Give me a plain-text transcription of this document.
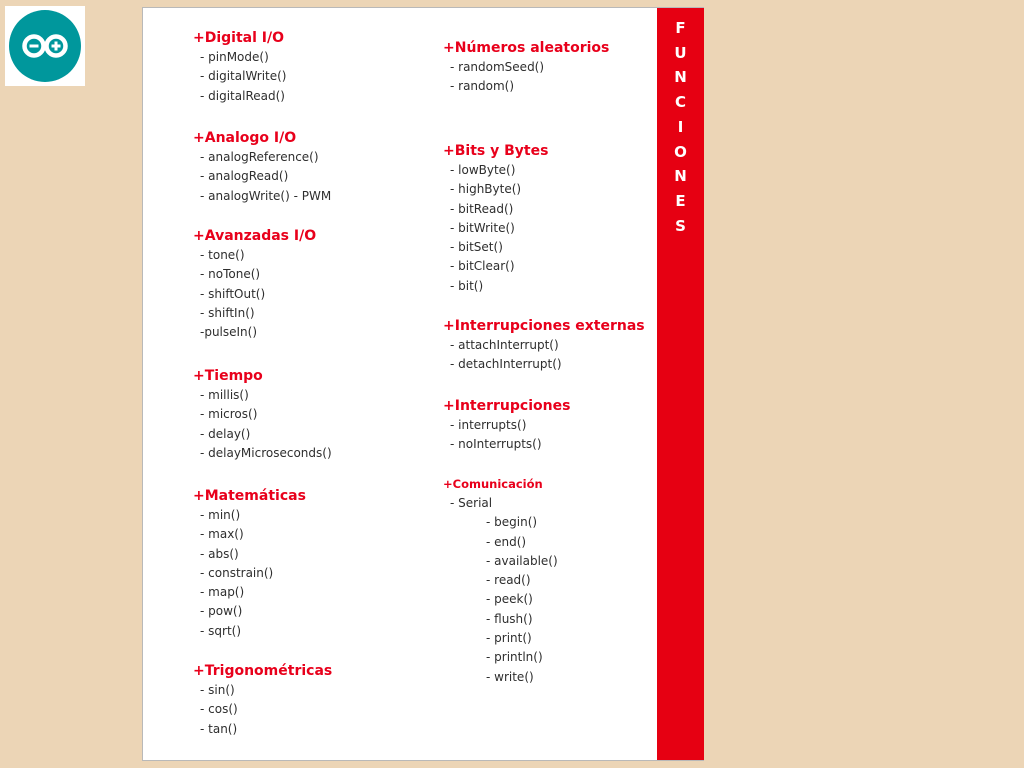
F
U
N
C
I
O
N
E
S
+Digital I/O
- pinMode()
- digitalWrite()
- digitalRead()
+Analogo I/O
- analogReference()
- analogRead()
- analogWrite() - PWM
+Avanzadas I/O
- tone()
- noTone()
- shiftOut()
- shiftIn()
-pulseIn()
+Tiempo
- millis()
- micros()
- delay()
- delayMicroseconds()
+Matemáticas
- min()
- max()
- abs()
- constrain()
- map()
- pow()
- sqrt()
+Trigonométricas
- sin()
- cos()
- tan()
+Números aleatorios
- randomSeed()
- random()
+Bits y Bytes
- lowByte()
- highByte()
- bitRead()
- bitWrite()
- bitSet()
- bitClear()
- bit()
+Interrupciones externas
- attachInterrupt()
- detachInterrupt()
+Interrupciones
- interrupts()
- noInterrupts()
+Comunicación
- Serial
- begin()
- end()
- available()
- read()
- peek()
- flush()
- print()
- println()
- write()
